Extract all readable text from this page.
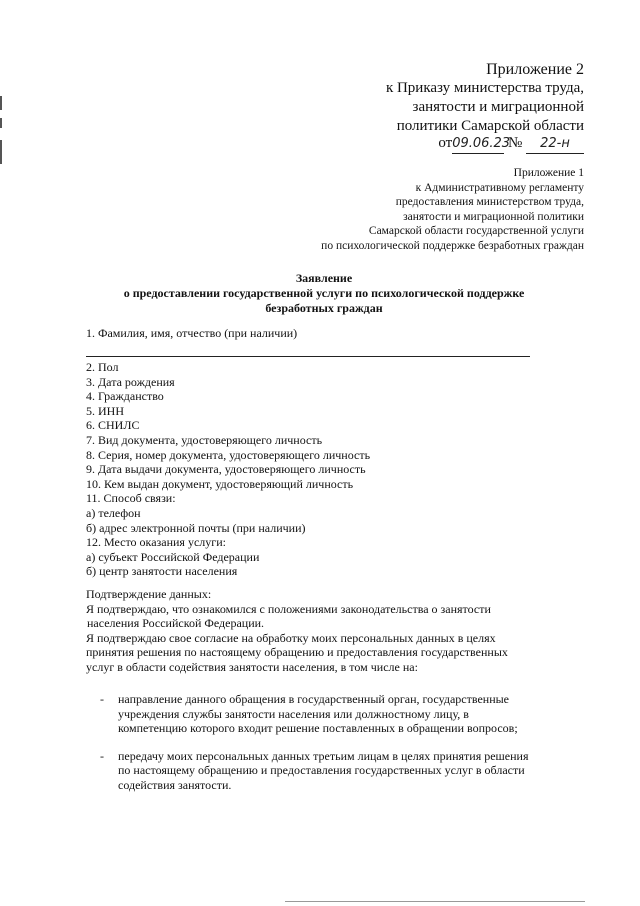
Приложение 2
к Приказу министерства труда,
занятости и миграционной
политики Самарской области
от09.06.23 № 22-н
Приложение 1
к Административному регламенту
предоставления министерством труда,
занятости и миграционной политики
Самарской области государственной услуги
по психологической поддержке безработных граждан
Заявление
о предоставлении государственной услуги по психологической поддержке
безработных граждан
1. Фамилия, имя, отчество (при наличии)
2. Пол
3. Дата рождения
4. Гражданство
5. ИНН
6. СНИЛС
7. Вид документа, удостоверяющего личность
8. Серия, номер документа, удостоверяющего личность
9. Дата выдачи документа, удостоверяющего личность
10. Кем выдан документ, удостоверяющий личность
11. Способ связи:
а) телефон
б) адрес электронной почты (при наличии)
12. Место оказания услуги:
а) субъект Российской Федерации
б) центр занятости населения
Подтверждение данных:
Я подтверждаю, что ознакомился с положениями законодательства о занятости
населения Российской Федерации.
Я подтверждаю свое согласие на обработку моих персональных данных в целях
принятия решения по настоящему обращению и предоставления государственных
услуг в области содействия занятости населения, в том числе на:
- направление данного обращения в государственный орган, государственные
учреждения службы занятости населения или должностному лицу, в
компетенцию которого входит решение поставленных в обращении вопросов;
- передачу моих персональных данных третьим лицам в целях принятия решения
по настоящему обращению и предоставления государственных услуг в области
содействия занятости.
